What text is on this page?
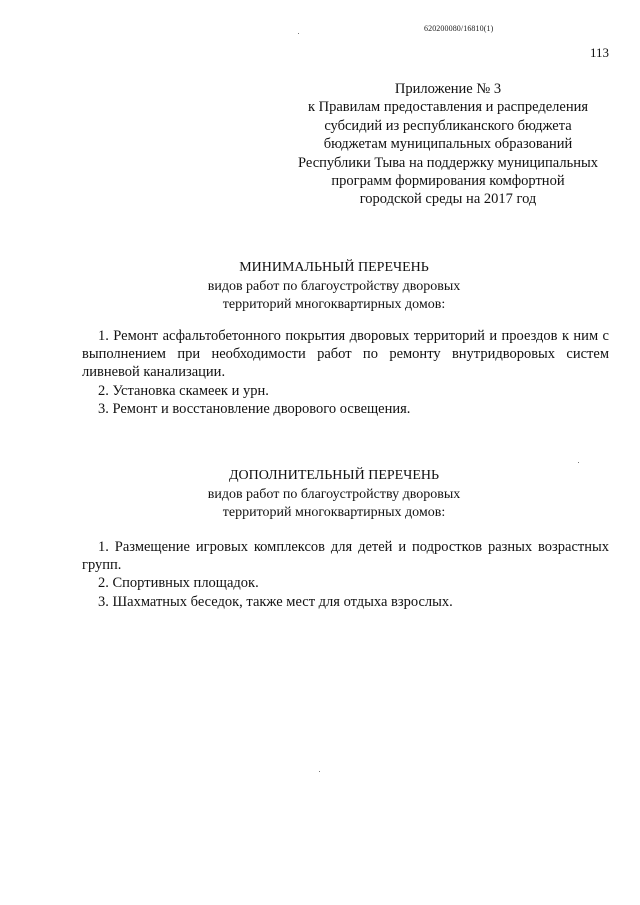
620200080/16810(1)
113
Приложение № 3
к Правилам предоставления и распределения
субсидий из республиканского бюджета
бюджетам муниципальных образований
Республики Тыва на поддержку муниципальных
программ формирования комфортной
городской среды на 2017 год
МИНИМАЛЬНЫЙ ПЕРЕЧЕНЬ
видов работ по благоустройству дворовых
территорий многоквартирных домов:
1. Ремонт асфальтобетонного покрытия дворовых территорий и проездов к ним с выполнением при необходимости работ по ремонту внутридворовых систем ливневой канализации.
2. Установка скамеек и урн.
3. Ремонт и восстановление дворового освещения.
ДОПОЛНИТЕЛЬНЫЙ ПЕРЕЧЕНЬ
видов работ по благоустройству дворовых
территорий многоквартирных домов:
1. Размещение игровых комплексов для детей и подростков разных возрастных групп.
2. Спортивных площадок.
3. Шахматных беседок, также мест для отдыха взрослых.
